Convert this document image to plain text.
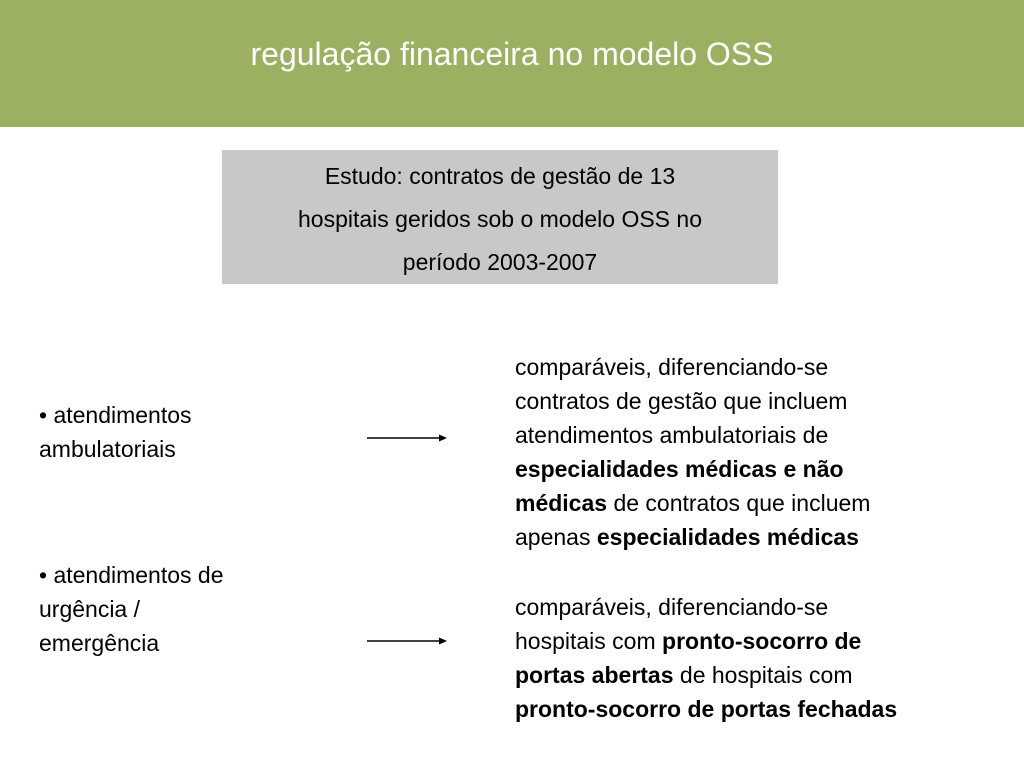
regulação financeira no modelo OSS
Estudo: contratos de gestão de 13
hospitais geridos sob o modelo OSS no
período 2003-2007
• atendimentos
ambulatoriais
comparáveis, diferenciando-se
contratos de gestão que incluem
atendimentos ambulatoriais de
especialidades médicas e não
médicas de contratos que incluem
apenas especialidades médicas
• atendimentos de
urgência /
emergência
comparáveis, diferenciando-se
hospitais com pronto-socorro de
portas abertas de hospitais com
pronto-socorro de portas fechadas
